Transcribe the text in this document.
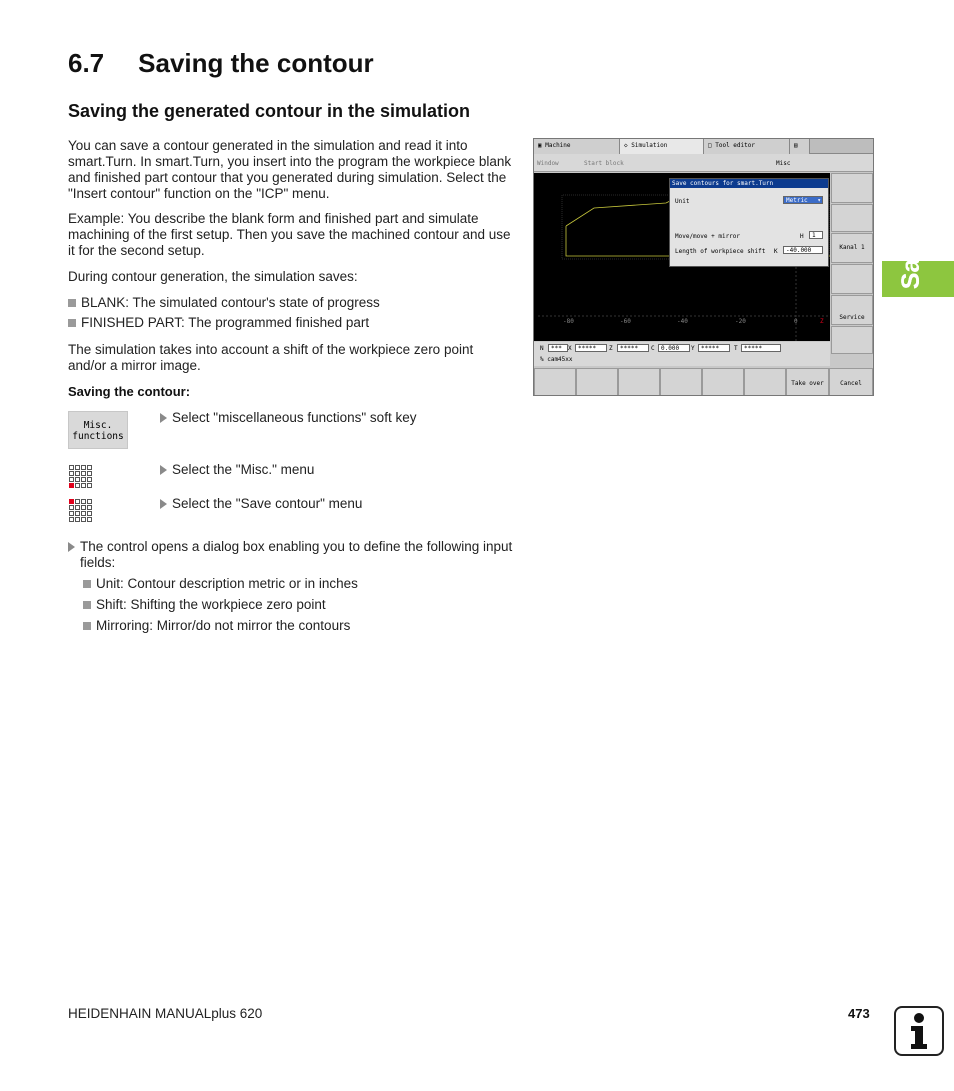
6.7 Saving the contour	6.7 Saving the contour
Saving the generated contour in the simulation

You can save a contour generated in the simulation and read it into smart.Turn. In smart.Turn, you insert into the program the workpiece blank and finished part contour that you generated during simulation. Select the "Insert contour" function on the "ICP" menu.

Example: You describe the blank form and finished part and simulate machining of the first setup. Then you save the machined contour and use it for the second setup.

During contour generation, the simulation saves:

BLANK: The simulated contour's state of progress
FINISHED PART: The programmed finished part

The simulation takes into account a shift of the workpiece zero point and/or a mirror image.

Saving the contour:
Misc.
functions
Select "miscellaneous functions" soft key
Select the "Misc." menu
Select the "Save contour" menu
The control opens a dialog box enabling you to define the following input fields:
Unit: Contour description metric or in inches
Shift: Shifting the workpiece zero point
Mirroring: Mirror/do not mirror the contours
▣ Machine	◇ Simulation	□ Tool editor	▤
Window	Start block	Misc
-80	-60	-40	-20	0	Z
Save contours for smart.Turn
Unit	Metric ▾
Move/move + mirror	H	1
Length of workpiece shift K	-40.000	Kanal 1
Service
N	***	X	*****	Z	*****	C	0.000	Y	*****	T	*****
% cam45xx
Take over	Cancel
HEIDENHAIN MANUALplus 620	473
